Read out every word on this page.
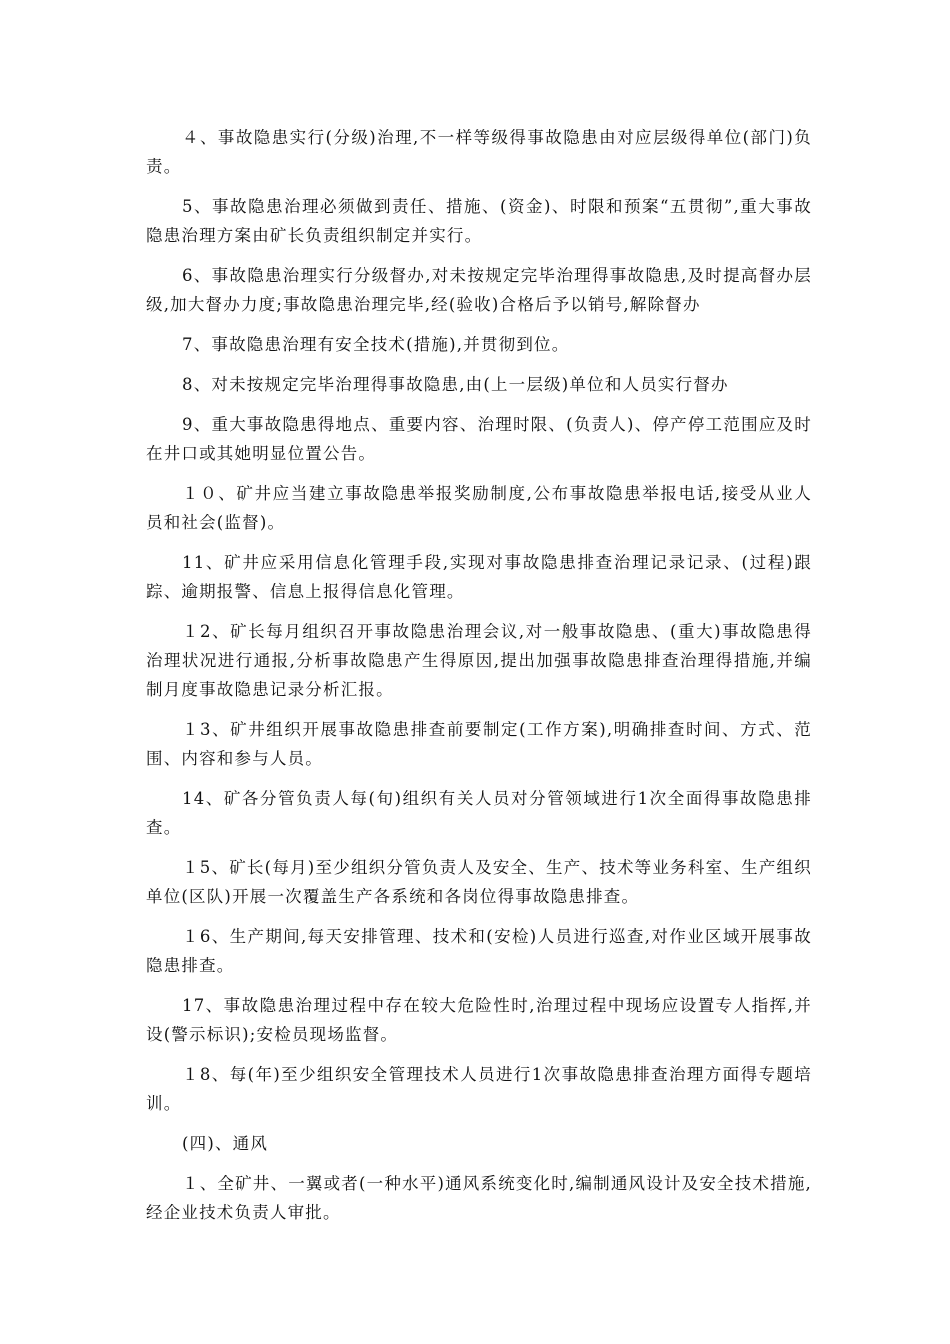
４、事故隐患实行(分级)治理,不一样等级得事故隐患由对应层级得单位(部门)负责。

5、事故隐患治理必须做到责任、措施、(资金)、时限和预案“五贯彻”,重大事故隐患治理方案由矿长负责组织制定并实行。

6、事故隐患治理实行分级督办,对未按规定完毕治理得事故隐患,及时提高督办层级,加大督办力度;事故隐患治理完毕,经(验收)合格后予以销号,解除督办

7、事故隐患治理有安全技术(措施),并贯彻到位。

8、对未按规定完毕治理得事故隐患,由(上一层级)单位和人员实行督办

9、重大事故隐患得地点、重要内容、治理时限、(负责人)、停产停工范围应及时在井口或其她明显位置公告。

１０、矿井应当建立事故隐患举报奖励制度,公布事故隐患举报电话,接受从业人员和社会(监督)。

11、矿井应采用信息化管理手段,实现对事故隐患排查治理记录记录、(过程)跟踪、逾期报警、信息上报得信息化管理。

１2、矿长每月组织召开事故隐患治理会议,对一般事故隐患、(重大)事故隐患得治理状况进行通报,分析事故隐患产生得原因,提出加强事故隐患排查治理得措施,并编制月度事故隐患记录分析汇报。

１3、矿井组织开展事故隐患排查前要制定(工作方案),明确排查时间、方式、范围、内容和参与人员。

14、矿各分管负责人每(旬)组织有关人员对分管领域进行1次全面得事故隐患排查。

１5、矿长(每月)至少组织分管负责人及安全、生产、技术等业务科室、生产组织单位(区队)开展一次覆盖生产各系统和各岗位得事故隐患排查。

１6、生产期间,每天安排管理、技术和(安检)人员进行巡查,对作业区域开展事故隐患排查。

17、事故隐患治理过程中存在较大危险性时,治理过程中现场应设置专人指挥,并设(警示标识);安检员现场监督。

１8、每(年)至少组织安全管理技术人员进行1次事故隐患排查治理方面得专题培训。

(四)、通风

１、全矿井、一翼或者(一种水平)通风系统变化时,编制通风设计及安全技术措施,经企业技术负责人审批。
